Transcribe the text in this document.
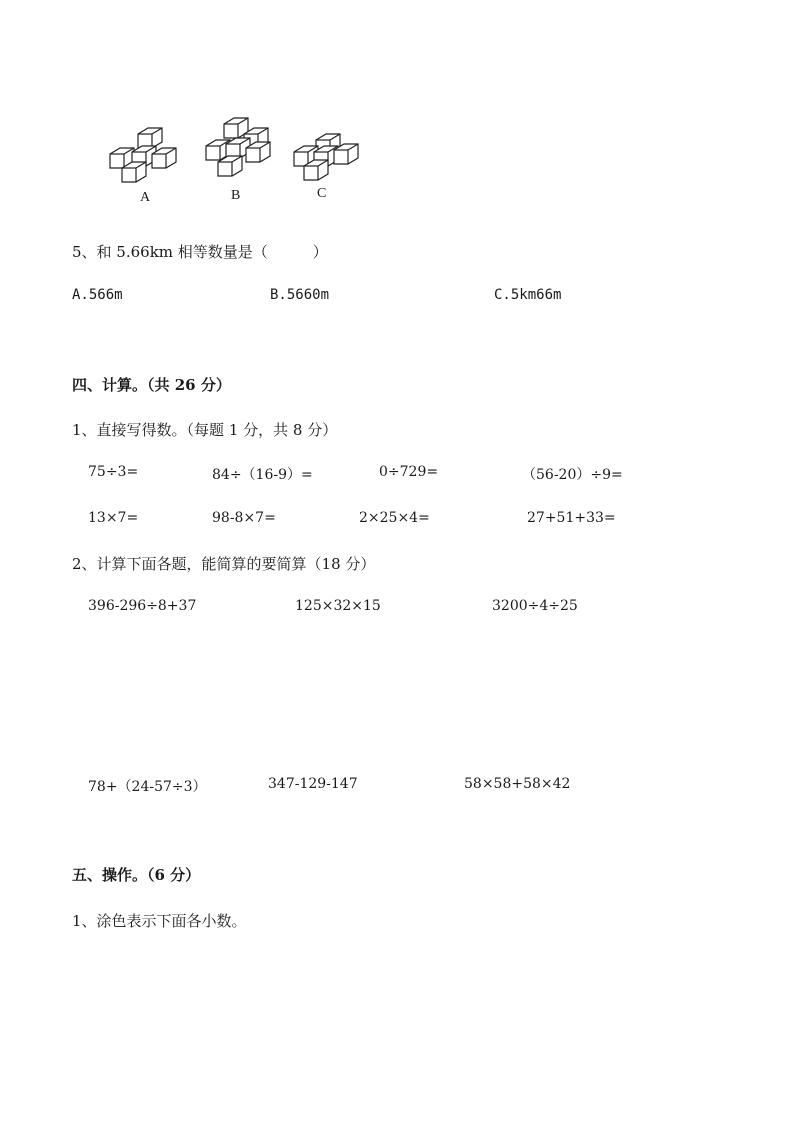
A	B	C
5、和 5.66km 相等数量是（　　　）
A.566m	B.5660m	C.5km66m
四、计算。（共 26 分）
1、直接写得数。（每题 1 分，共 8 分）
75÷3=	84÷（16-9）=	0÷729=	（56-20）÷9=
13×7=	98-8×7=	2×25×4=	27+51+33=
2、计算下面各题，能简算的要简算（18 分）
396-296÷8+37	125×32×15	3200÷4÷25
78+（24-57÷3）	347-129-147	58×58+58×42
五、操作。（6 分）
1、涂色表示下面各小数。
